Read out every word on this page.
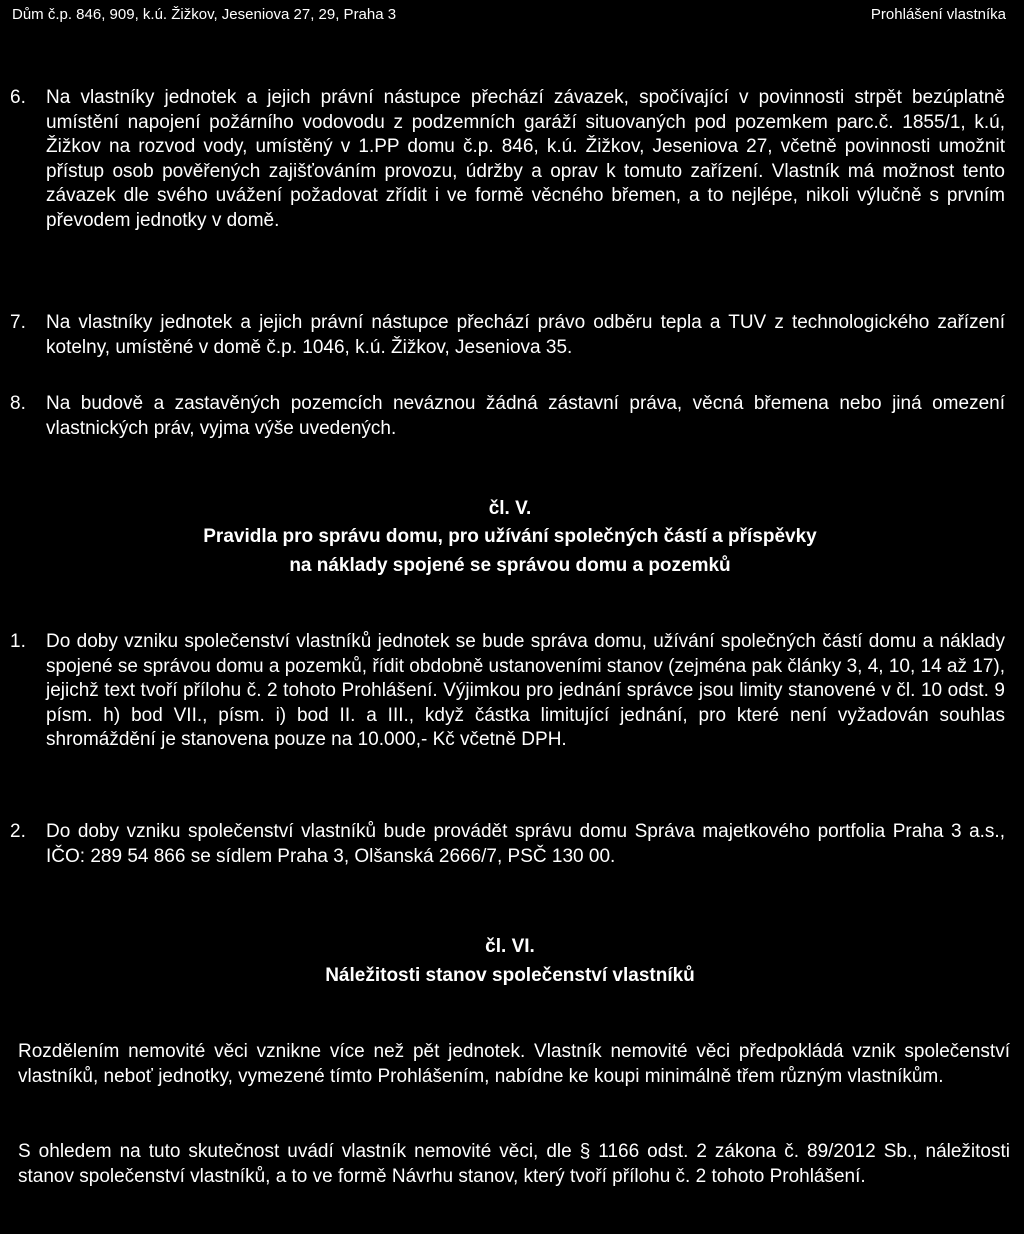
Dům č.p. 846, 909, k.ú. Žižkov, Jeseniova 27, 29, Praha 3	Prohlášení vlastníka
6.	Na vlastníky jednotek a jejich právní nástupce přechází závazek, spočívající v povinnosti strpět bezúplatně umístění napojení požárního vodovodu z podzemních garáží situovaných pod pozemkem parc.č. 1855/1, k.ú, Žižkov na rozvod vody, umístěný v 1.PP domu č.p. 846, k.ú. Žižkov, Jeseniova 27, včetně povinnosti umožnit přístup osob pověřených zajišťováním provozu, údržby a oprav k tomuto zařízení. Vlastník má možnost tento závazek dle svého uvážení požadovat zřídit i ve formě věcného břemen, a to nejlépe, nikoli výlučně s prvním převodem jednotky v domě.
7.	Na vlastníky jednotek a jejich právní nástupce přechází právo odběru tepla a TUV z technologického zařízení kotelny, umístěné v domě č.p. 1046, k.ú. Žižkov, Jeseniova 35.
8.	Na budově a zastavěných pozemcích neváznou žádná zástavní práva, věcná břemena nebo jiná omezení vlastnických práv, vyjma výše uvedených.
čl. V.
Pravidla pro správu domu, pro užívání společných částí a příspěvky
na náklady spojené se správou domu a pozemků
1.	Do doby vzniku společenství vlastníků jednotek se bude správa domu, užívání společných částí domu a náklady spojené se správou domu a pozemků, řídit obdobně ustanoveními stanov (zejména pak články 3, 4, 10, 14 až 17), jejichž text tvoří přílohu č. 2 tohoto Prohlášení. Výjimkou pro jednání správce jsou limity stanovené v čl. 10 odst. 9 písm. h) bod VII., písm. i) bod II. a III., když částka limitující jednání, pro které není vyžadován souhlas shromáždění je stanovena pouze na 10.000,- Kč včetně DPH.
2.	Do doby vzniku společenství vlastníků bude provádět správu domu Správa majetkového portfolia Praha 3 a.s., IČO: 289 54 866 se sídlem Praha 3, Olšanská 2666/7, PSČ 130 00.
čl. VI.
Náležitosti stanov společenství vlastníků
Rozdělením nemovité věci vznikne více než pět jednotek. Vlastník nemovité věci předpokládá vznik společenství vlastníků, neboť jednotky, vymezené tímto Prohlášením, nabídne ke koupi minimálně třem různým vlastníkům.
S ohledem na tuto skutečnost uvádí vlastník nemovité věci, dle § 1166 odst. 2 zákona č. 89/2012 Sb., náležitosti stanov společenství vlastníků, a to ve formě Návrhu stanov, který tvoří přílohu č. 2 tohoto Prohlášení.
